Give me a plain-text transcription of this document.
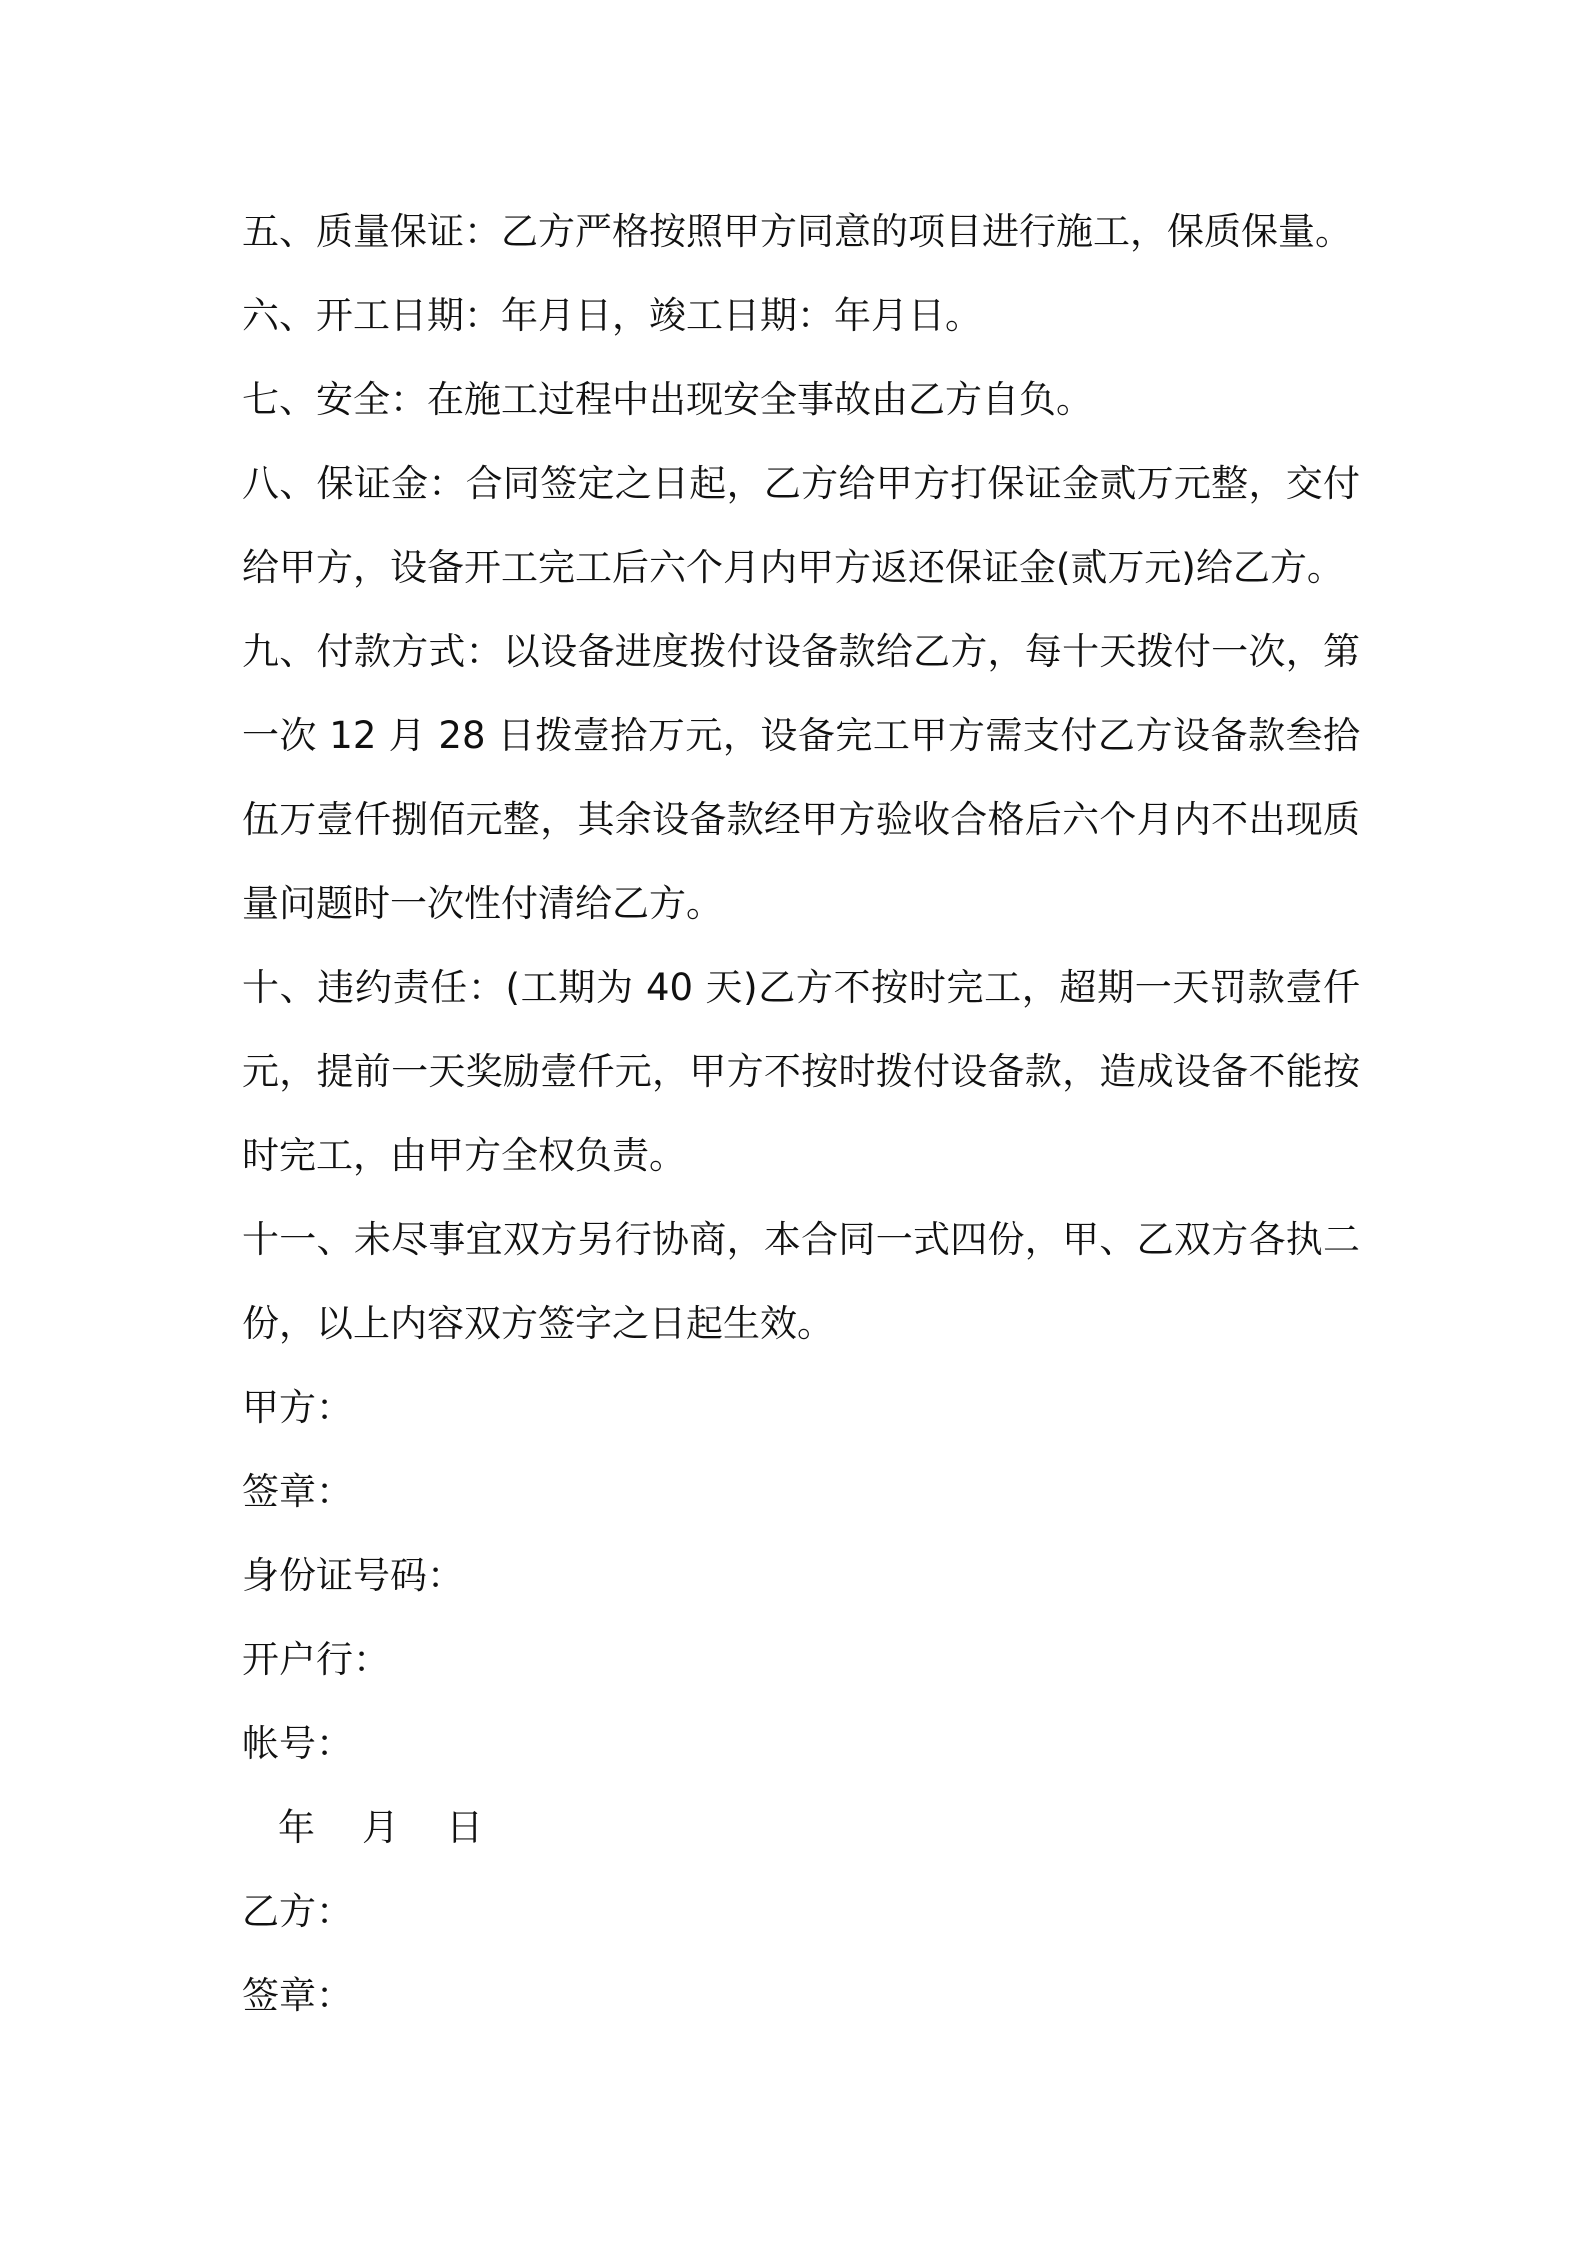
五、质量保证：乙方严格按照甲方同意的项目进行施工，保质保量。

六、开工日期：年月日，竣工日期：年月日。

七、安全：在施工过程中出现安全事故由乙方自负。

八、保证金：合同签定之日起，乙方给甲方打保证金贰万元整，交付给甲方，设备开工完工后六个月内甲方返还保证金(贰万元)给乙方。

九、付款方式：以设备进度拨付设备款给乙方，每十天拨付一次，第一次 12 月 28 日拨壹拾万元，设备完工甲方需支付乙方设备款叁拾伍万壹仟捌佰元整，其余设备款经甲方验收合格后六个月内不出现质量问题时一次性付清给乙方。

十、违约责任：(工期为 40 天)乙方不按时完工，超期一天罚款壹仟元，提前一天奖励壹仟元，甲方不按时拨付设备款，造成设备不能按时完工，由甲方全权负责。

十一、未尽事宜双方另行协商，本合同一式四份，甲、乙双方各执二份，以上内容双方签字之日起生效。

甲方：

签章：

身份证号码：

开户行：

帐号：

年    月    日

乙方：

签章：
